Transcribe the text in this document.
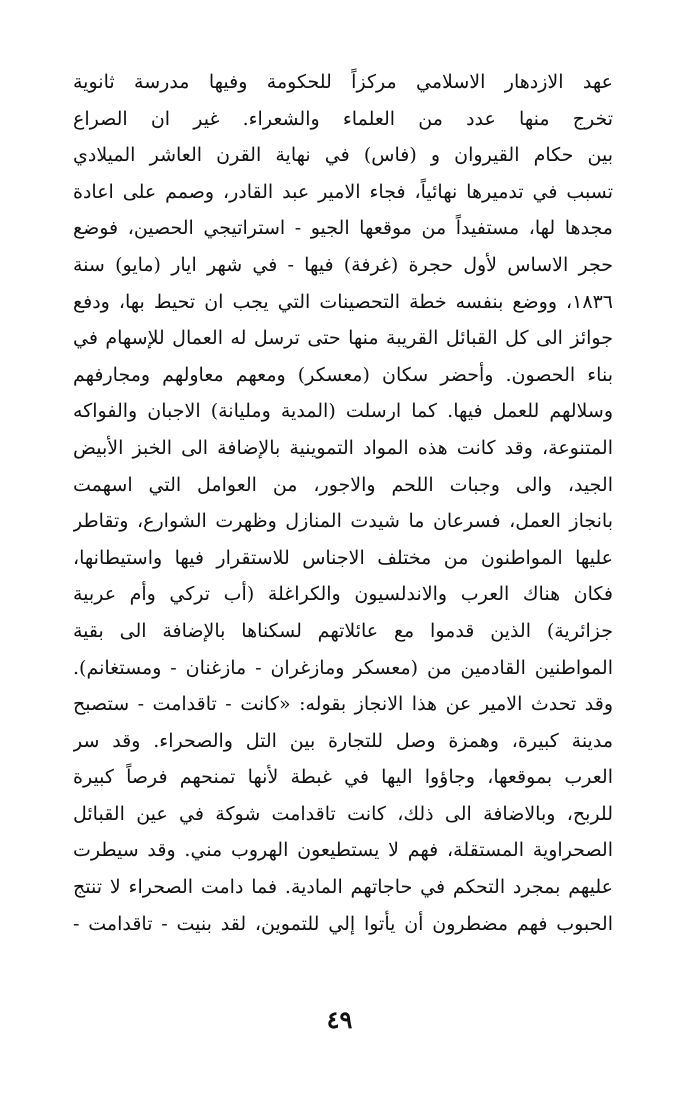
عهد الازدهار الاسلامي مركزاً للحكومة وفيها مدرسة ثانوية
تخرج منها عدد من العلماء والشعراء. غير ان الصراع
بين حكام القيروان و (فاس) في نهاية القرن العاشر الميلادي
تسبب في تدميرها نهائياً، فجاء الامير عبد القادر، وصمم على اعادة
مجدها لها، مستفيداً من موقعها الجيو - استراتيجي الحصين، فوضع
حجر الاساس لأول حجرة (غرفة) فيها - في شهر ايار (مايو) سنة
١٨٣٦، ووضع بنفسه خطة التحصينات التي يجب ان تحيط بها، ودفع
جوائز الى كل القبائل القريبة منها حتى ترسل له العمال للإسهام في
بناء الحصون. وأحضر سكان (معسكر) ومعهم معاولهم ومجارفهم
وسلالهم للعمل فيها. كما ارسلت (المدية ومليانة) الاجبان والفواكه
المتنوعة، وقد كانت هذه المواد التموينية بالإضافة الى الخبز الأبيض
الجيد، والى وجبات اللحم والاجور، من العوامل التي اسهمت
بانجاز العمل، فسرعان ما شيدت المنازل وظهرت الشوارع، وتقاطر
عليها المواطنون من مختلف الاجناس للاستقرار فيها واستيطانها،
فكان هناك العرب والاندلسيون والكراغلة (أب تركي وأم عربية
جزائرية) الذين قدموا مع عائلاتهم لسكناها بالإضافة الى بقية
المواطنين القادمين من (معسكر ومازغران - مازغنان - ومستغانم).
وقد تحدث الامير عن هذا الانجاز بقوله: «كانت - تاقدامت - ستصبح
مدينة كبيرة، وهمزة وصل للتجارة بين التل والصحراء. وقد سر
العرب بموقعها، وجاؤوا اليها في غبطة لأنها تمنحهم فرصاً كبيرة
للربح، وبالاضافة الى ذلك، كانت تاقدامت شوكة في عين القبائل
الصحراوية المستقلة، فهم لا يستطيعون الهروب مني. وقد سيطرت
عليهم بمجرد التحكم في حاجاتهم المادية. فما دامت الصحراء لا تنتج
الحبوب فهم مضطرون أن يأتوا إلي للتموين، لقد بنيت - تاقدامت -
٤٩
